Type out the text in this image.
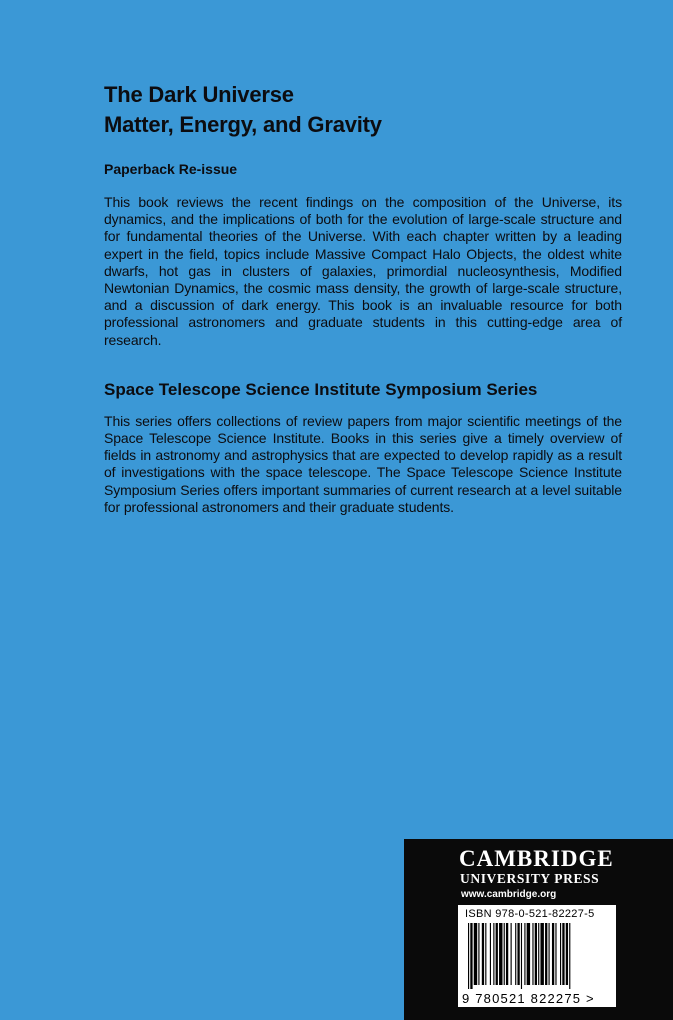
The Dark Universe
Matter, Energy, and Gravity

Paperback Re-issue

This book reviews the recent findings on the composition of the Universe, its dynamics, and the implications of both for the evolution of large-scale structure and for fundamental theories of the Universe. With each chapter written by a leading expert in the field, topics include Massive Compact Halo Objects, the oldest white dwarfs, hot gas in clusters of galaxies, primordial nucleosynthesis, Modified Newtonian Dynamics, the cosmic mass density, the growth of large-scale structure, and a discussion of dark energy. This book is an invaluable resource for both professional astronomers and graduate students in this cutting-edge area of research.

Space Telescope Science Institute Symposium Series

This series offers collections of review papers from major scientific meetings of the Space Telescope Science Institute. Books in this series give a timely overview of fields in astronomy and astrophysics that are expected to develop rapidly as a result of investigations with the space telescope. The Space Telescope Science Institute Symposium Series offers important summaries of current research at a level suitable for professional astronomers and their graduate students.

CAMBRIDGE
UNIVERSITY PRESS
www.cambridge.org
ISBN 978-0-521-82227-5
9 780521 822275 >
